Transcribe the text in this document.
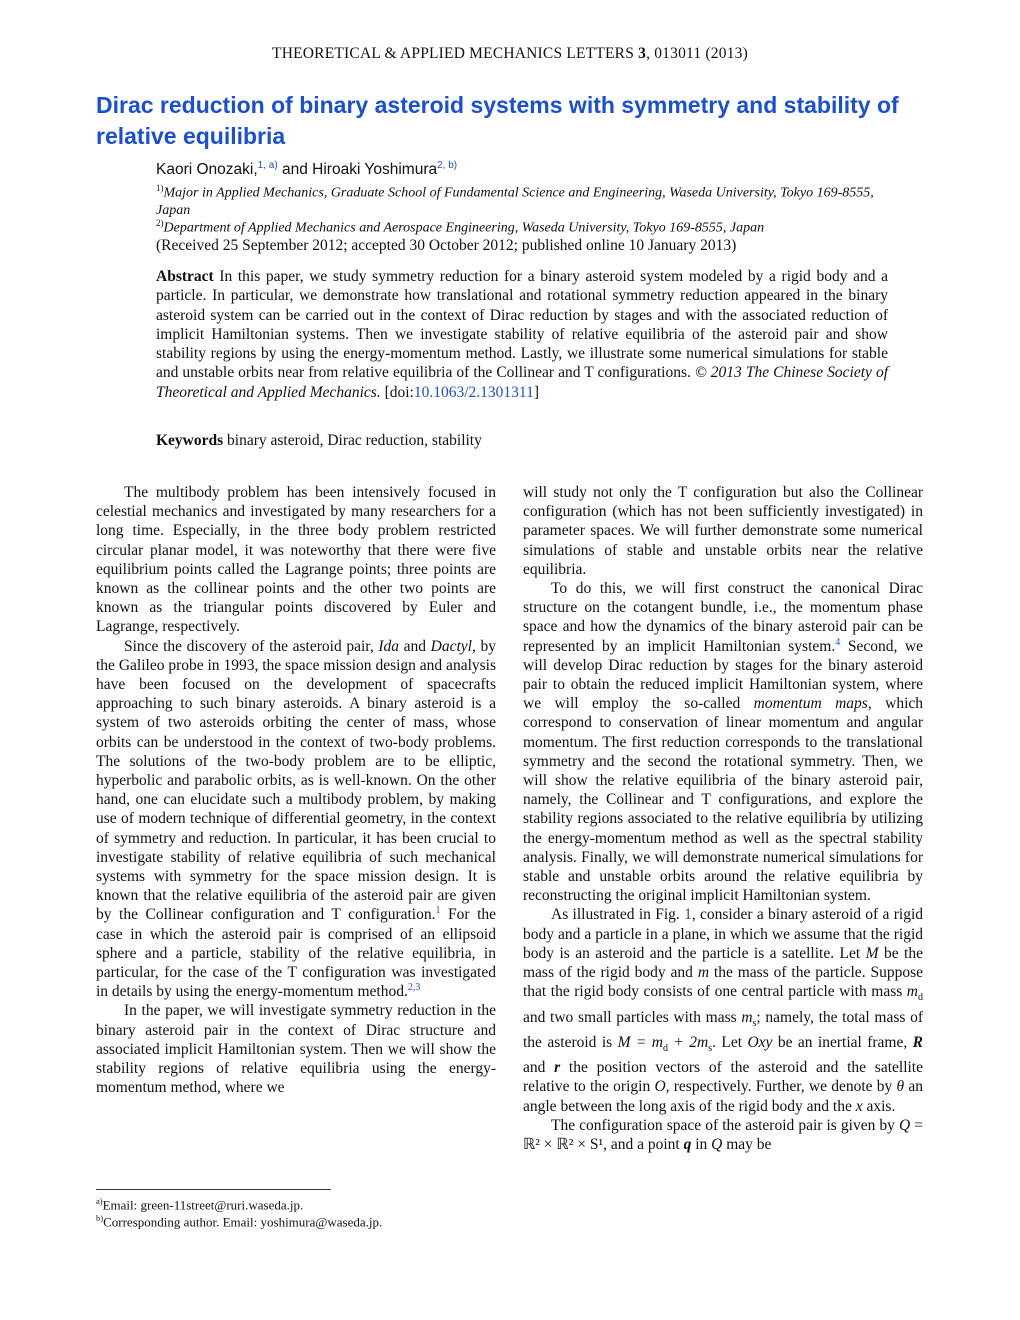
THEORETICAL & APPLIED MECHANICS LETTERS 3, 013011 (2013)
Dirac reduction of binary asteroid systems with symmetry and stability of relative equilibria
Kaori Onozaki,$^{1, a)}$ and Hiroaki Yoshimura$^{2, b)}$
$^{1)}$Major in Applied Mechanics, Graduate School of Fundamental Science and Engineering, Waseda University, Tokyo 169-8555, Japan
$^{2)}$Department of Applied Mechanics and Aerospace Engineering, Waseda University, Tokyo 169-8555, Japan
(Received 25 September 2012; accepted 30 October 2012; published online 10 January 2013)
Abstract In this paper, we study symmetry reduction for a binary asteroid system modeled by a rigid body and a particle. In particular, we demonstrate how translational and rotational symmetry reduction appeared in the binary asteroid system can be carried out in the context of Dirac reduction by stages and with the associated reduction of implicit Hamiltonian systems. Then we investigate stability of relative equilibria of the asteroid pair and show stability regions by using the energy-momentum method. Lastly, we illustrate some numerical simulations for stable and unstable orbits near from relative equilibria of the Collinear and T configurations. © 2013 The Chinese Society of Theoretical and Applied Mechanics. [doi:10.1063/2.1301311]
Keywords binary asteroid, Dirac reduction, stability

The multibody problem has been intensively focused in celestial mechanics and investigated by many researchers for a long time. Especially, in the three body problem restricted circular planar model, it was noteworthy that there were five equilibrium points called the Lagrange points; three points are known as the collinear points and the other two points are known as the triangular points discovered by Euler and Lagrange, respectively.

Since the discovery of the asteroid pair, Ida and Dactyl, by the Galileo probe in 1993, the space mission design and analysis have been focused on the development of spacecrafts approaching to such binary asteroids. A binary asteroid is a system of two asteroids orbiting the center of mass, whose orbits can be understood in the context of two-body problems. The solutions of the two-body problem are to be elliptic, hyperbolic and parabolic orbits, as is well-known. On the other hand, one can elucidate such a multibody problem, by making use of modern technique of differential geometry, in the context of symmetry and reduction. In particular, it has been crucial to investigate stability of relative equilibria of such mechanical systems with symmetry for the space mission design. It is known that the relative equilibria of the asteroid pair are given by the Collinear configuration and T configuration.$^1$ For the case in which the asteroid pair is comprised of an ellipsoid sphere and a particle, stability of the relative equilibria, in particular, for the case of the T configuration was investigated in details by using the energy-momentum method.$^{2,3}$

In the paper, we will investigate symmetry reduction in the binary asteroid pair in the context of Dirac structure and associated implicit Hamiltonian system. Then we will show the stability regions of relative equilibria using the energy-momentum method, where we

will study not only the T configuration but also the Collinear configuration (which has not been sufficiently investigated) in parameter spaces. We will further demonstrate some numerical simulations of stable and unstable orbits near the relative equilibria.

To do this, we will first construct the canonical Dirac structure on the cotangent bundle, i.e., the momentum phase space and how the dynamics of the binary asteroid pair can be represented by an implicit Hamiltonian system.$^4$ Second, we will develop Dirac reduction by stages for the binary asteroid pair to obtain the reduced implicit Hamiltonian system, where we will employ the so-called momentum maps, which correspond to conservation of linear momentum and angular momentum. The first reduction corresponds to the translational symmetry and the second the rotational symmetry. Then, we will show the relative equilibria of the binary asteroid pair, namely, the Collinear and T configurations, and explore the stability regions associated to the relative equilibria by utilizing the energy-momentum method as well as the spectral stability analysis. Finally, we will demonstrate numerical simulations for stable and unstable orbits around the relative equilibria by reconstructing the original implicit Hamiltonian system.

As illustrated in Fig. 1, consider a binary asteroid of a rigid body and a particle in a plane, in which we assume that the rigid body is an asteroid and the particle is a satellite. Let M be the mass of the rigid body and m the mass of the particle. Suppose that the rigid body consists of one central particle with mass $m_d$ and two small particles with mass $m_s$; namely, the total mass of the asteroid is $M = m_d + 2m_s$. Let Oxy be an inertial frame, R and r the position vectors of the asteroid and the satellite relative to the origin O, respectively. Further, we denote by θ an angle between the long axis of the rigid body and the x axis.

The configuration space of the asteroid pair is given by Q = ℝ² × ℝ² × S¹, and a point q in Q may be

$^{a)}$Email: green-11street@ruri.waseda.jp.
$^{b)}$Corresponding author. Email: yoshimura@waseda.jp.
